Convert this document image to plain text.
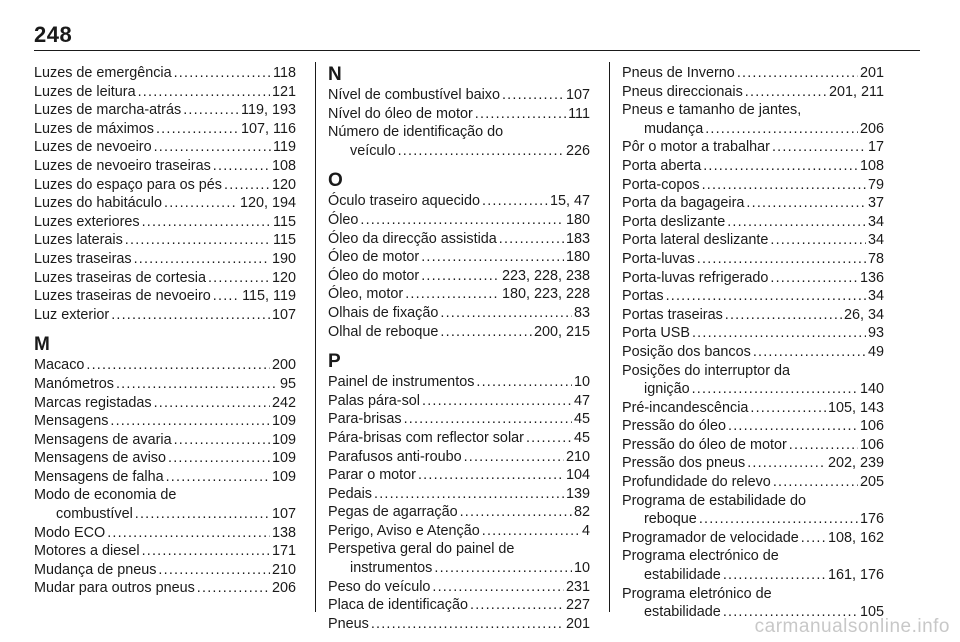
248
Luzes de emergência . . .	118
Luzes de leitura . . .	121
Luzes de marcha-atrás . . .	119, 193
Luzes de máximos . . .	107, 116
Luzes de nevoeiro . . .	119
Luzes de nevoeiro traseiras . . .	108
Luzes do espaço para os pés . . .	120
Luzes do habitáculo . . .	120, 194
Luzes exteriores . . .	115
Luzes laterais . . .	115
Luzes traseiras . . .	190
Luzes traseiras de cortesia . . .	120
Luzes traseiras de nevoeiro . . . 115, 119
Luz exterior . . .	107
M
Macaco . . .	200
Manómetros . . .	95
Marcas registadas . . .	242
Mensagens . . .	109
Mensagens de avaria . . .	109
Mensagens de aviso . . .	109
Mensagens de falha . . .	109
Modo de economia de
combustível . . .	107
Modo ECO . . .	138
Motores a diesel . . .	171
Mudança de pneus . . .	210
Mudar para outros pneus . . .	206
N
Nível de combustível baixo . . .	107
Nível do óleo de motor . . .	111
Número de identificação do
veículo . . .	226
O
Óculo traseiro aquecido . . .	15, 47
Óleo . . .	180
Óleo da direcção assistida . . .	183
Óleo de motor . . .	180
Óleo do motor . . .	223, 228, 238
Óleo, motor . . .	180, 223, 228
Olhais de fixação . . .	83
Olhal de reboque . . .	200, 215
P
Painel de instrumentos . . .	10
Palas pára-sol . . .	47
Para-brisas . . .	45
Pára-brisas com reflector solar . . .	45
Parafusos anti-roubo . . .	210
Parar o motor . . .	104
Pedais . . .	139
Pegas de agarração . . .	82
Perigo, Aviso e Atenção . . .	4
Perspetiva geral do painel de
instrumentos . . .	10
Peso do veículo . . .	231
Placa de identificação . . .	227
Pneus . . .	201
Pneus de Inverno . . .	201
Pneus direccionais . . .	201, 211
Pneus e tamanho de jantes,
mudança . . .	206
Pôr o motor a trabalhar . . .	17
Porta aberta . . .	108
Porta-copos . . .	79
Porta da bagageira . . .	37
Porta deslizante . . .	34
Porta lateral deslizante . . .	34
Porta-luvas . . .	78
Porta-luvas refrigerado . . .	136
Portas . . .	34
Portas traseiras . . .	26, 34
Porta USB . . .	93
Posição dos bancos . . .	49
Posições do interruptor da
ignição . . .	140
Pré-incandescência . . .	105, 143
Pressão do óleo . . .	106
Pressão do óleo de motor . . .	106
Pressão dos pneus . . .	202, 239
Profundidade do relevo . . .	205
Programa de estabilidade do
reboque . . .	176
Programador de velocidade . . . 108, 162
Programa electrónico de
estabilidade . . .	161, 176
Programa eletrónico de
estabilidade . . .	105
carmanualsonline.info
